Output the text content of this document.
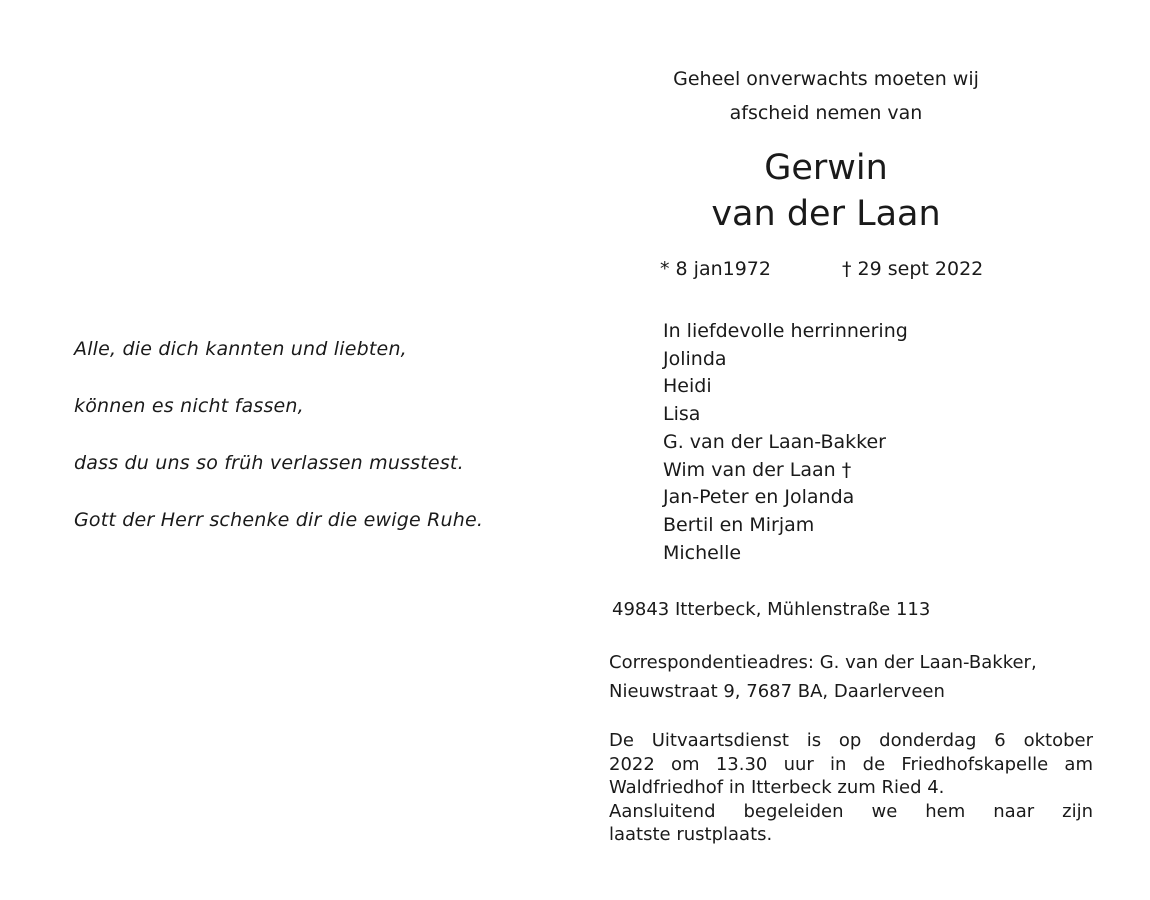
Alle, die dich kannten und liebten,
können es nicht fassen,
dass du uns so früh verlassen musstest.
Gott der Herr schenke dir die ewige Ruhe.
Geheel onverwachts moeten wij
afscheid nemen van
Gerwin
van der Laan
* 8 jan1972	† 29 sept 2022
In liefdevolle herrinnering
Jolinda
Heidi
Lisa
G. van der Laan-Bakker
Wim van der Laan †
Jan-Peter en Jolanda
Bertil en Mirjam
Michelle
49843 Itterbeck, Mühlenstraße 113
Correspondentieadres: G. van der Laan-Bakker,
Nieuwstraat 9, 7687 BA, Daarlerveen
De Uitvaartsdienst is op donderdag 6 oktober
2022 om 13.30 uur in de Friedhofskapelle am
Waldfriedhof in Itterbeck zum Ried 4.
Aansluitend begeleiden we hem naar zijn
laatste rustplaats.
